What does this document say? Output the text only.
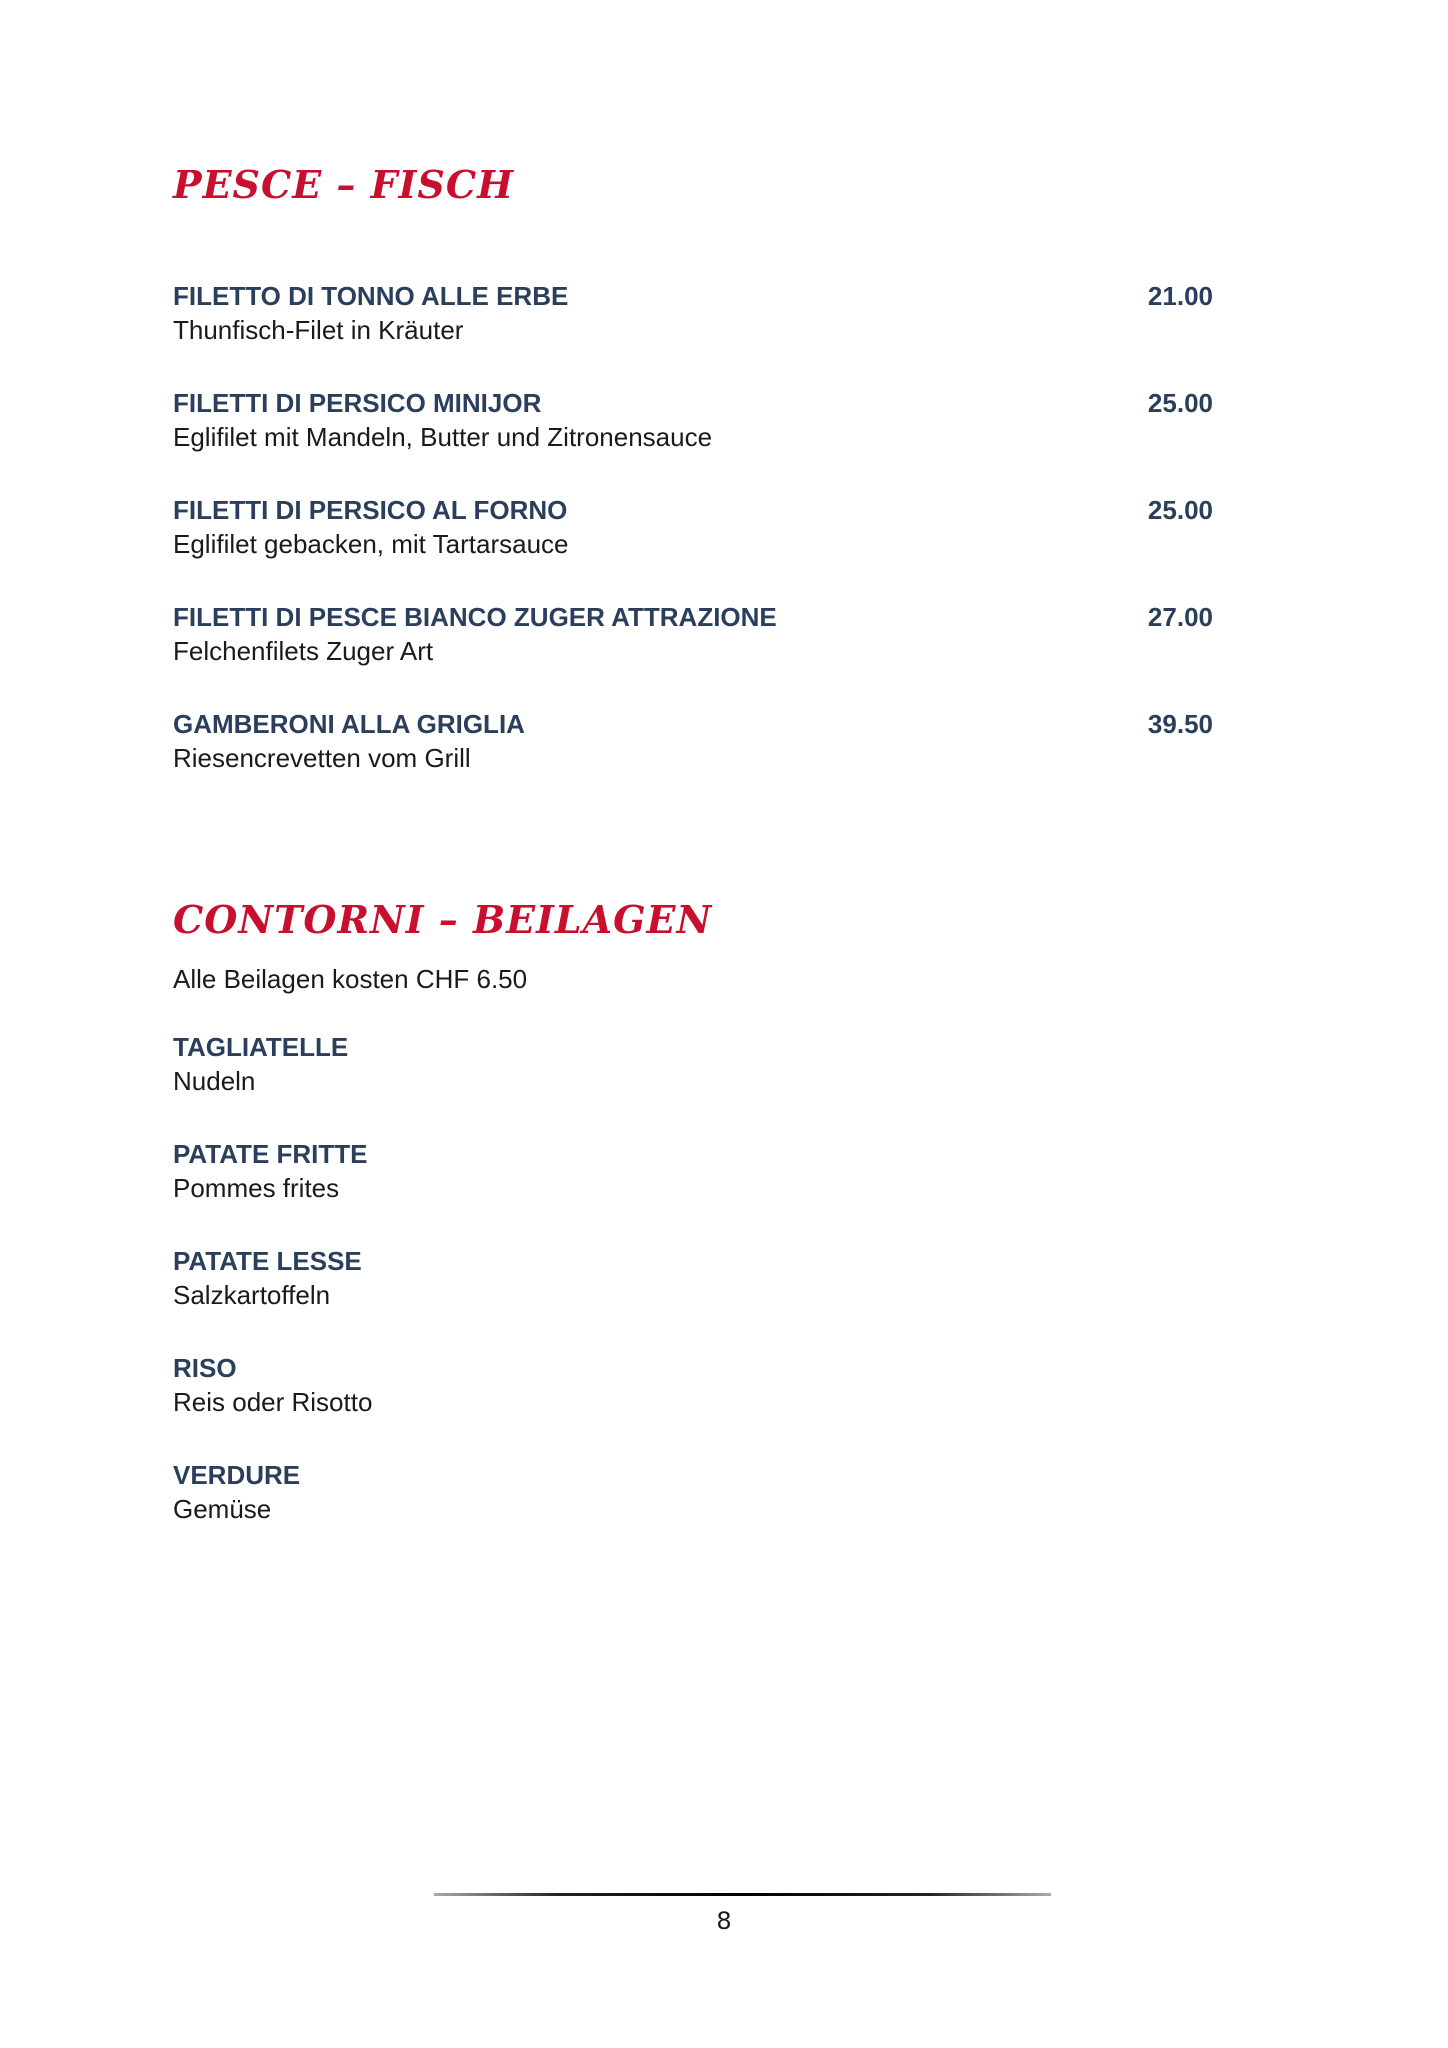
PESCE – FISCH
FILETTO DI TONNO ALLE ERBE
Thunfisch-Filet in Kräuter
21.00
FILETTI DI PERSICO MINIJOR
Eglifilet mit Mandeln, Butter und Zitronensauce
25.00
FILETTI DI PERSICO AL FORNO
Eglifilet gebacken, mit Tartarsauce
25.00
FILETTI DI PESCE BIANCO ZUGER ATTRAZIONE
Felchenfilets Zuger Art
27.00
GAMBERONI ALLA GRIGLIA
Riesencrevetten vom Grill
39.50
CONTORNI – BEILAGEN
Alle Beilagen kosten CHF 6.50
TAGLIATELLE
Nudeln
PATATE FRITTE
Pommes frites
PATATE LESSE
Salzkartoffeln
RISO
Reis oder Risotto
VERDURE
Gemüse
8
